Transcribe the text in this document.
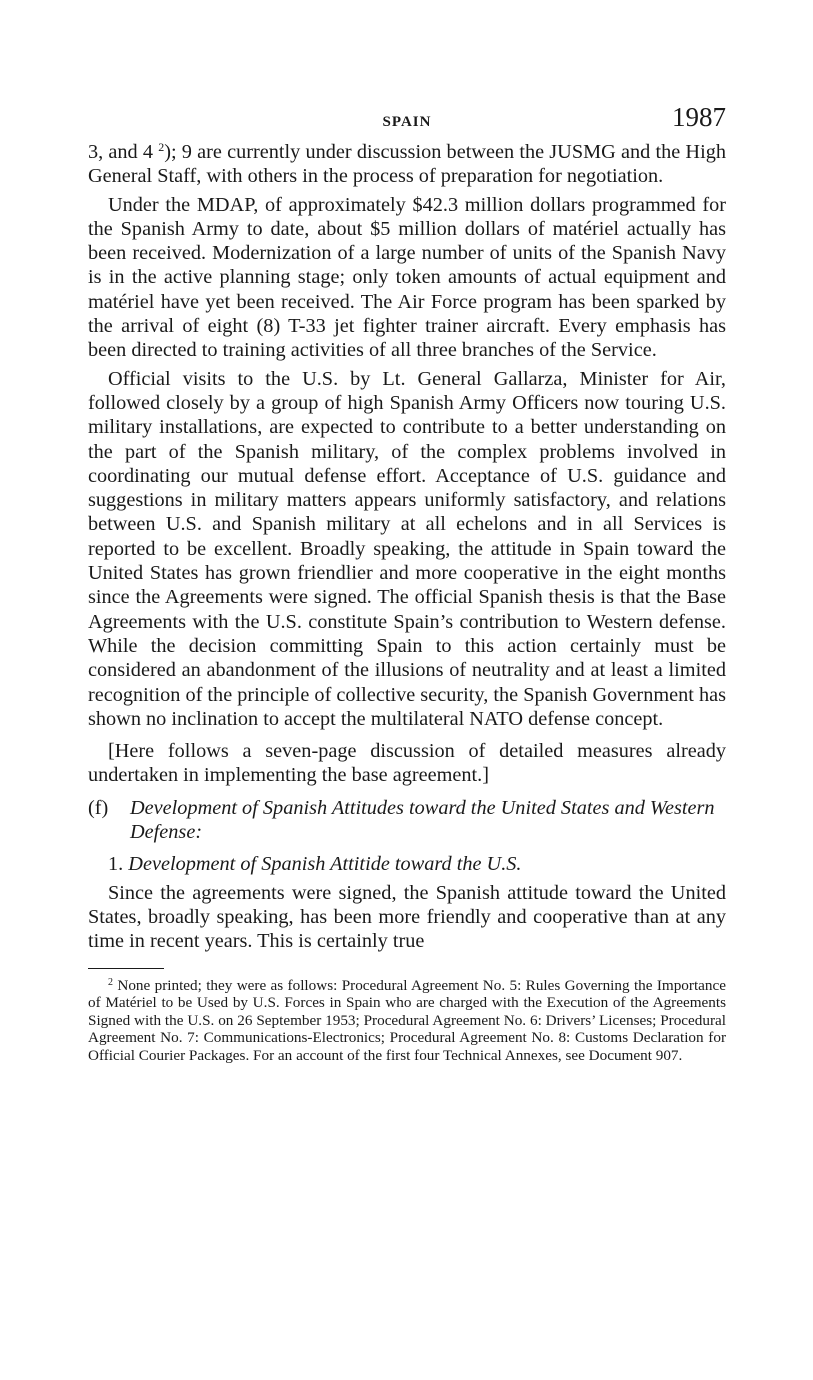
SPAIN	1987

3, and 4 $^2$); 9 are currently under discussion between the JUSMG and the High General Staff, with others in the process of preparation for negotiation.

Under the MDAP, of approximately $42.3 million dollars programmed for the Spanish Army to date, about $5 million dollars of matériel actually has been received. Modernization of a large number of units of the Spanish Navy is in the active planning stage; only token amounts of actual equipment and matériel have yet been received. The Air Force program has been sparked by the arrival of eight (8) T-33 jet fighter trainer aircraft. Every emphasis has been directed to training activities of all three branches of the Service.

Official visits to the U.S. by Lt. General Gallarza, Minister for Air, followed closely by a group of high Spanish Army Officers now touring U.S. military installations, are expected to contribute to a better understanding on the part of the Spanish military, of the complex problems involved in coordinating our mutual defense effort. Acceptance of U.S. guidance and suggestions in military matters appears uniformly satisfactory, and relations between U.S. and Spanish military at all echelons and in all Services is reported to be excellent. Broadly speaking, the attitude in Spain toward the United States has grown friendlier and more cooperative in the eight months since the Agreements were signed. The official Spanish thesis is that the Base Agreements with the U.S. constitute Spain’s contribution to Western defense. While the decision committing Spain to this action certainly must be considered an abandonment of the illusions of neutrality and at least a limited recognition of the principle of collective security, the Spanish Government has shown no inclination to accept the multilateral NATO defense concept.

[Here follows a seven-page discussion of detailed measures already undertaken in implementing the base agreement.]

(f) Development of Spanish Attitudes toward the United States and Western Defense:
1. Development of Spanish Attitide toward the U.S.

Since the agreements were signed, the Spanish attitude toward the United States, broadly speaking, has been more friendly and cooperative than at any time in recent years. This is certainly true

$^2$ None printed; they were as follows: Procedural Agreement No. 5: Rules Governing the Importance of Matériel to be Used by U.S. Forces in Spain who are charged with the Execution of the Agreements Signed with the U.S. on 26 September 1953; Procedural Agreement No. 6: Drivers’ Licenses; Procedural Agreement No. 7: Communications-Electronics; Procedural Agreement No. 8: Customs Declaration for Official Courier Packages. For an account of the first four Technical Annexes, see Document 907.
